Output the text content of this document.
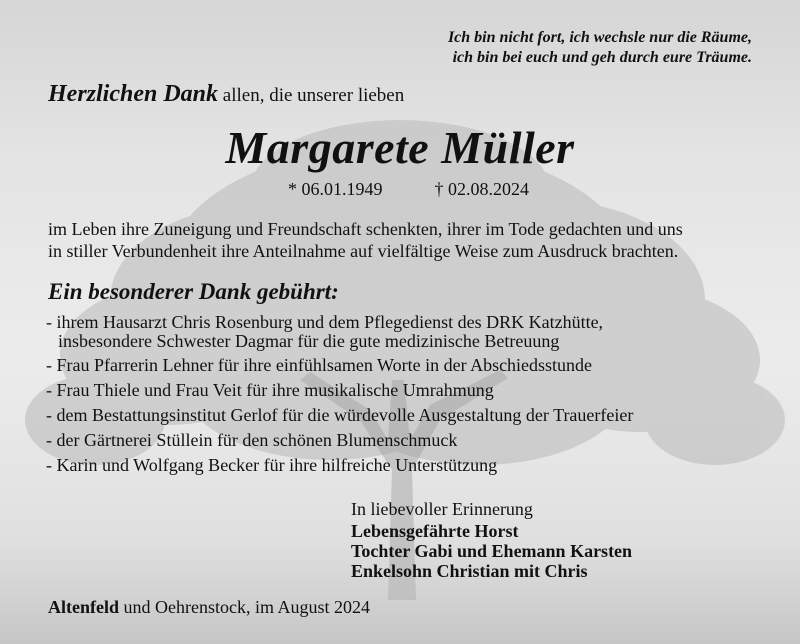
Ich bin nicht fort, ich wechsle nur die Räume,
ich bin bei euch und geh durch eure Träume.

Herzlichen Dank allen, die unserer lieben

Margarete Müller
* 06.01.1949	† 02.08.2024

im Leben ihre Zuneigung und Freundschaft schenkten, ihrer im Tode gedachten und uns
in stiller Verbundenheit ihre Anteilnahme auf vielfältige Weise zum Ausdruck brachten.

Ein besonderer Dank gebührt:
- ihrem Hausarzt Chris Rosenburg und dem Pflegedienst des DRK Katzhütte,
insbesondere Schwester Dagmar für die gute medizinische Betreuung
- Frau Pfarrerin Lehner für ihre einfühlsamen Worte in der Abschiedsstunde
- Frau Thiele und Frau Veit für ihre musikalische Umrahmung
- dem Bestattungsinstitut Gerlof für die würdevolle Ausgestaltung der Trauerfeier
- der Gärtnerei Stüllein für den schönen Blumenschmuck
- Karin und Wolfgang Becker für ihre hilfreiche Unterstützung
In liebevoller Erinnerung
Lebensgefährte Horst
Tochter Gabi und Ehemann Karsten
Enkelsohn Christian mit Chris
Altenfeld und Oehrenstock, im August 2024
